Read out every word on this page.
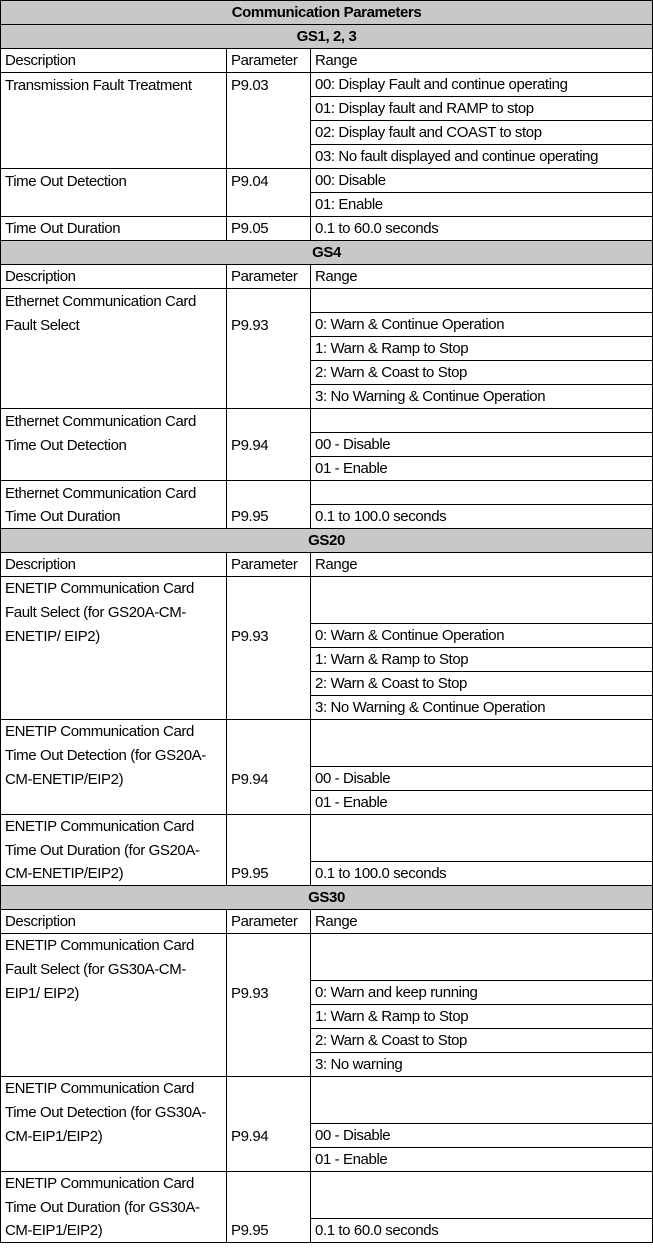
Communication Parameters		
GS1, 2, 3		
Description	Parameter	Range
Transmission Fault Treatment	P9.03	00: Display Fault and continue operating
		01: Display fault and RAMP to stop
		02: Display fault and COAST to stop
		03: No fault displayed and continue operating
Time Out Detection	P9.04	00: Disable
		01: Enable
Time Out Duration	P9.05	0.1 to 60.0 seconds
GS4		
Description	Parameter	Range
Ethernet Communication Card		
Fault Select	P9.93	0: Warn & Continue Operation
		1: Warn & Ramp to Stop
		2: Warn & Coast to Stop
		3: No Warning & Continue Operation
Ethernet Communication Card		
Time Out Detection	P9.94	00 - Disable
		01 - Enable
Ethernet Communication Card		
Time Out Duration	P9.95	0.1 to 100.0 seconds
GS20		
Description	Parameter	Range
ENETIP Communication Card		
Fault Select (for GS20A-CM-		
ENETIP/ EIP2)	P9.93	0: Warn & Continue Operation
		1: Warn & Ramp to Stop
		2: Warn & Coast to Stop
		3: No Warning & Continue Operation
ENETIP Communication Card		
Time Out Detection (for GS20A-		
CM-ENETIP/EIP2)	P9.94	00 - Disable
		01 - Enable
ENETIP Communication Card		
Time Out Duration (for GS20A-		
CM-ENETIP/EIP2)	P9.95	0.1 to 100.0 seconds
GS30		
Description	Parameter	Range
ENETIP Communication Card		
Fault Select (for GS30A-CM-		
EIP1/ EIP2)	P9.93	0: Warn and keep running
		1: Warn & Ramp to Stop
		2: Warn & Coast to Stop
		3: No warning
ENETIP Communication Card		
Time Out Detection (for GS30A-		
CM-EIP1/EIP2)	P9.94	00 - Disable
		01 - Enable
ENETIP Communication Card		
Time Out Duration (for GS30A-		
CM-EIP1/EIP2)	P9.95	0.1 to 60.0 seconds
